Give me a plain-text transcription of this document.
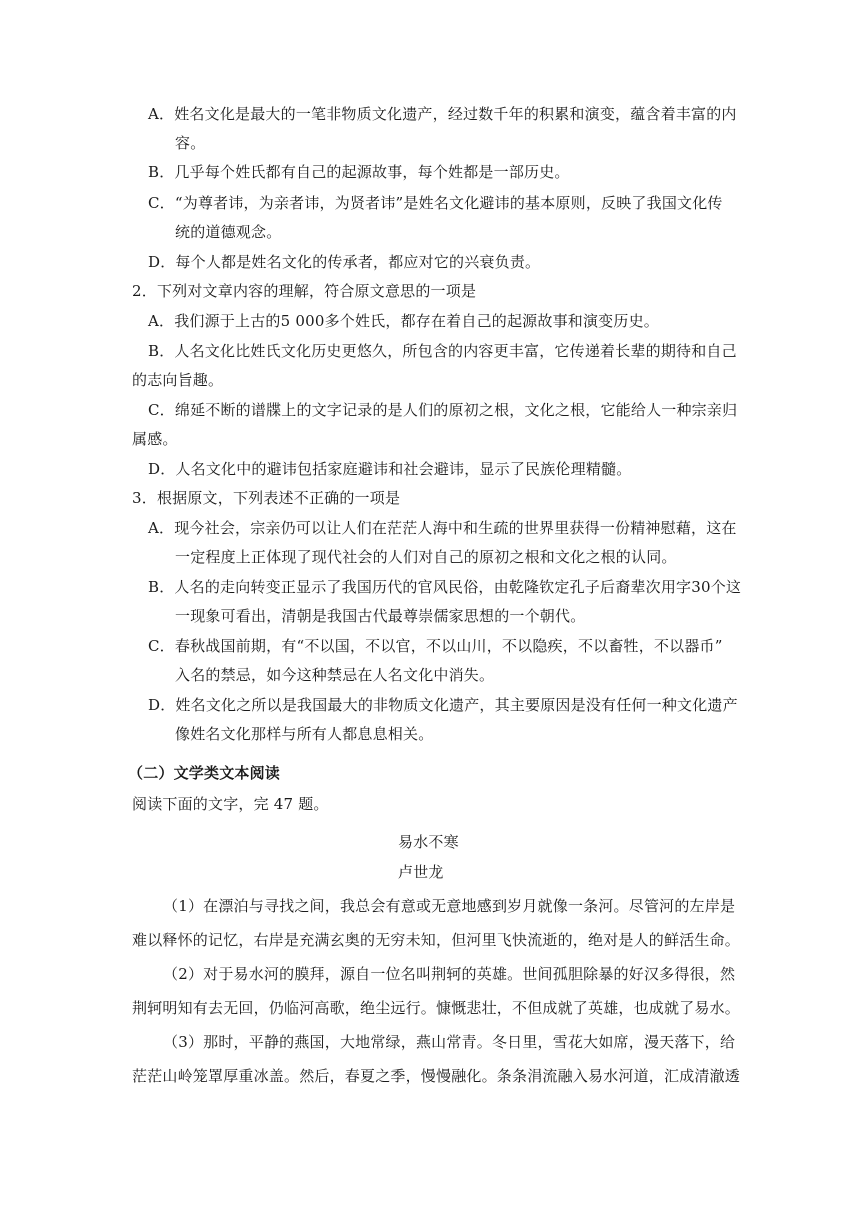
A．姓名文化是最大的一笔非物质文化遗产，经过数千年的积累和演变，蕴含着丰富的内
容。
B．几乎每个姓氏都有自己的起源故事，每个姓都是一部历史。
C．“为尊者讳，为亲者讳，为贤者讳”是姓名文化避讳的基本原则，反映了我国文化传
统的道德观念。
D．每个人都是姓名文化的传承者，都应对它的兴衰负责。
2．下列对文章内容的理解，符合原文意思的一项是
A．我们源于上古的5 000多个姓氏，都存在着自己的起源故事和演变历史。
B．人名文化比姓氏文化历史更悠久，所包含的内容更丰富，它传递着长辈的期待和自己
的志向旨趣。
C．绵延不断的谱牒上的文字记录的是人们的原初之根，文化之根，它能给人一种宗亲归
属感。
D．人名文化中的避讳包括家庭避讳和社会避讳，显示了民族伦理精髓。
3．根据原文，下列表述不正确的一项是
A．现今社会，宗亲仍可以让人们在茫茫人海中和生疏的世界里获得一份精神慰藉，这在
一定程度上正体现了现代社会的人们对自己的原初之根和文化之根的认同。
B．人名的走向转变正显示了我国历代的官风民俗，由乾隆钦定孔子后裔辈次用字30个这
一现象可看出，清朝是我国古代最尊崇儒家思想的一个朝代。
C．春秋战国前期，有“不以国，不以官，不以山川，不以隐疾，不以畜牲，不以器币”
入名的禁忌，如今这种禁忌在人名文化中消失。
D．姓名文化之所以是我国最大的非物质文化遗产，其主要原因是没有任何一种文化遗产
像姓名文化那样与所有人都息息相关。
（二）文学类文本阅读
阅读下面的文字，完 47 题。
易水不寒
卢世龙
（1）在漂泊与寻找之间，我总会有意或无意地感到岁月就像一条河。尽管河的左岸是
难以释怀的记忆，右岸是充满玄奥的无穷未知，但河里飞快流逝的，绝对是人的鲜活生命。
（2）对于易水河的膜拜，源自一位名叫荆轲的英雄。世间孤胆除暴的好汉多得很，然
荆轲明知有去无回，仍临河高歌，绝尘远行。慷慨悲壮，不但成就了英雄，也成就了易水。
（3）那时，平静的燕国，大地常绿，燕山常青。冬日里，雪花大如席，漫天落下，给
茫茫山岭笼罩厚重冰盖。然后，春夏之季，慢慢融化。条条涓流融入易水河道，汇成清澈透
